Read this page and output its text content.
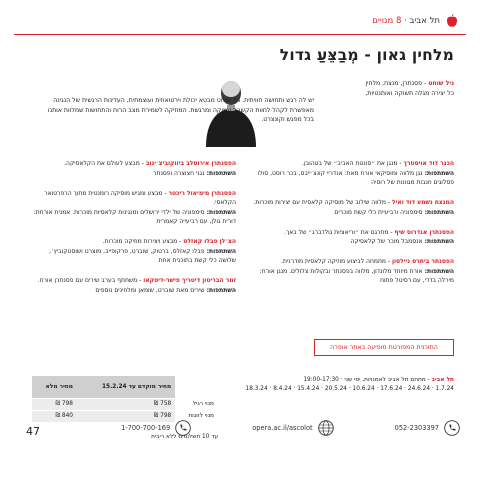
תל אביב · 8 מנויים
מלחין גאון - מְבַצֵּעַ גדול
ניל שוחט - פסנתרן, מנצח, מלחין
כל יצירה מגלה תשוקה ואותנטיות,
יש לה רגש ותחושה חוויתית. ניל שוחט מבטא יכולת וירטואוזית ועוצמתית, העדינות הרגשית של הנגינה מאפשרת לקהל לחוות הקשבה עמוקה ומרגשת. המוזיקה לשמירת מצב הרוח והתחושות שמלוות אותנו בכל מפגש וקונצרט.
הכנר דוד אויסטרך - מנגן את ״סונטת האביב״ של בטהובן.
השתתפות: נגן מלווה ומוסיקאי אורח מאת: אנדריי קונצ׳ייבס, בכר רוסט, סולו פסלוגים וזנבות מגוונות של רוסיה
המנצח נשמע דוד ואיל - מלווה שילוב של מוסיקה קלאסית עם יצירות מוכרות.
השתתפות: סימפוניה ורביעיית כלי קשת מוכרים
הפסנתרן אנדרוס שיף - מתרגם את ״וריאציות גולדברג״ של באך.
השתתפות: אנסמבל מוכר של קלאסיקה
הפסנתר ביתרס ניילסון - מתמחה לביצוע מוזיקה קלאסית מודרנית.
השתתפות: אורח מיוחד מלונדון, מלווה בפסנתר ובקולות צלולים. מנגן אורח: מירלה בדדי, עם רסיטל פתוח
הפסנתרן אירוסלב ביווקוביצ׳ינוב - מבצע לעולם את הקלאסיקה.
השתתפות: נגני חצוצרה ופסנתר
הפסנתרן מימיאול ריכטר - מבצע ומגיש מוסיקה רומנטית מתוך הרפרטואר הקלאסי.
השתתפות: סימפוניה של ילדי ירושלים ומנגינות קלאסיות מוכרות. אמנית אורחת: דורית גולן, עם רביעייה קאמרית
הצ׳לן פבלו קאזלס - מבצע ויצירות מוזיקה מוכרות.
השתתפות: פבלו קאזלס, ברטוק, שוברט, פרקופייב, מוצרט ושוסטקוביץ׳, שלושה כלי קשת בתוכנית אחת
זמר הבריטון דיטריך פישר-דיסקאו - משתתף בערב שירים עם פסנתרן אורח.
השתתפות: שירים מאת שוברט, שומאן ומלחינים נוספים
התוכנית המפורטת מופיעה באתר אופרה
תל אביב - מתחם תל אביב לאמנויות, ימי שני · 19:00-17:30
1.7.24 · 24.6.24 · 17.6.24 · 10.6.24 · 20.5.24 · 15.4.24 · 8.4.24 · 18.3.24
	מחיר מוקדם עד 15.2.24	מחיר מלא
מנוי רגיל	758 ₪	798 ₪
מנוי לזוגות	798 ₪	840 ₪
עד 10 תשלומים ללא ריבית
052-2303397
opera.ac.il/ascolot
1-700-700-169
47
